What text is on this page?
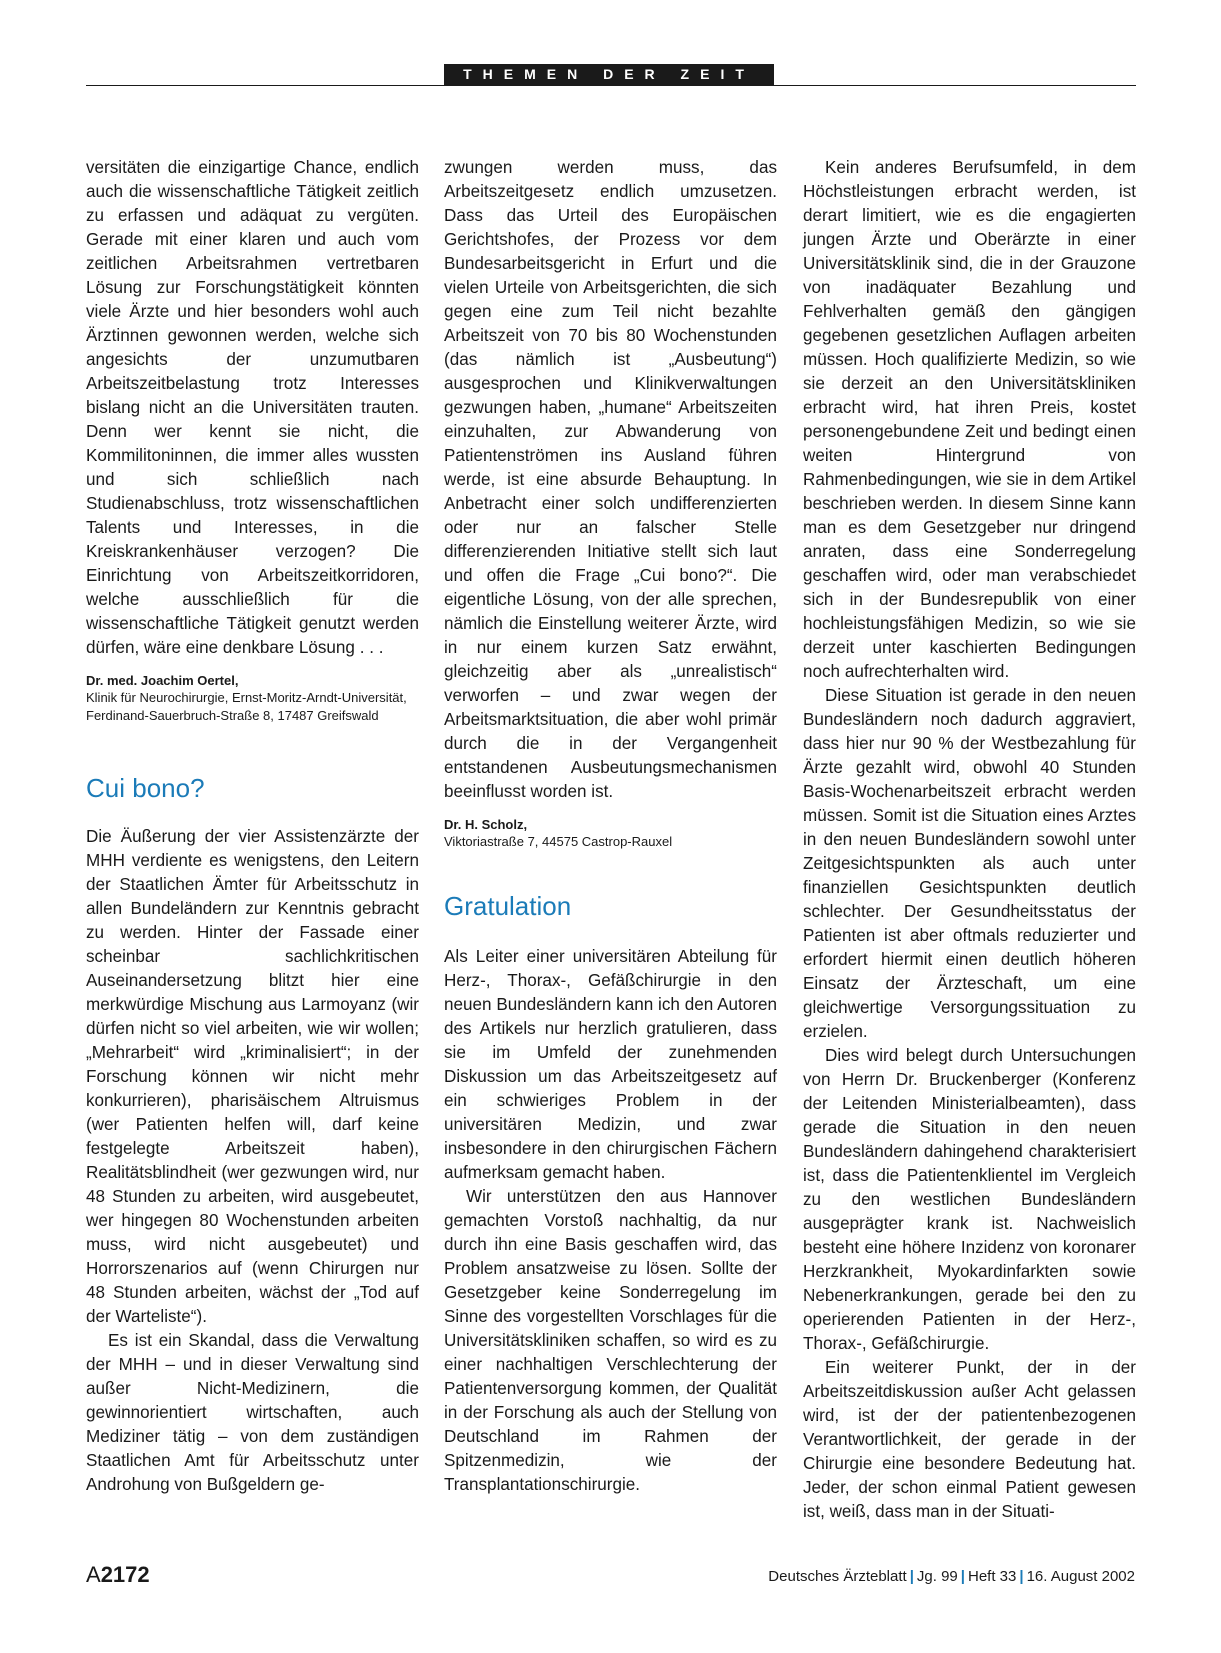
THEMEN DER ZEIT

versitäten die einzigartige Chance, endlich auch die wissenschaftliche Tätigkeit zeitlich zu erfassen und adäquat zu vergüten. Gerade mit einer klaren und auch vom zeitlichen Arbeitsrahmen vertretbaren Lösung zur Forschungstätigkeit könnten viele Ärzte und hier besonders wohl auch Ärztinnen gewonnen werden, welche sich angesichts der unzumutbaren Arbeitszeitbelastung trotz Interesses bislang nicht an die Universitäten trauten. Denn wer kennt sie nicht, die Kommilitoninnen, die immer alles wussten und sich schließlich nach Studienabschluss, trotz wissenschaftlichen Talents und Interesses, in die Kreiskrankenhäuser verzogen? Die Einrichtung von Arbeitszeitkorridoren, welche ausschließlich für die wissenschaftliche Tätigkeit genutzt werden dürfen, wäre eine denkbare Lösung . . .

Dr. med. Joachim Oertel,
Klinik für Neurochirurgie, Ernst-Moritz-Arndt-Universität,
Ferdinand-Sauerbruch-Straße 8, 17487 Greifswald
Cui bono?

Die Äußerung der vier Assistenzärzte der MHH verdiente es wenigstens, den Leitern der Staatlichen Ämter für Arbeitsschutz in allen Bundeländern zur Kenntnis gebracht zu werden. Hinter der Fassade einer scheinbar sachlichkritischen Auseinandersetzung blitzt hier eine merkwürdige Mischung aus Larmoyanz (wir dürfen nicht so viel arbeiten, wie wir wollen; „Mehrarbeit“ wird „kriminalisiert“; in der Forschung können wir nicht mehr konkurrieren), pharisäischem Altruismus (wer Patienten helfen will, darf keine festgelegte Arbeitszeit haben), Realitätsblindheit (wer gezwungen wird, nur 48 Stunden zu arbeiten, wird ausgebeutet, wer hingegen 80 Wochenstunden arbeiten muss, wird nicht ausgebeutet) und Horrorszenarios auf (wenn Chirurgen nur 48 Stunden arbeiten, wächst der „Tod auf der Warteliste“).

Es ist ein Skandal, dass die Verwaltung der MHH – und in dieser Verwaltung sind außer Nicht-Medizinern, die gewinnorientiert wirtschaften, auch Mediziner tätig – von dem zuständigen Staatlichen Amt für Arbeitsschutz unter Androhung von Bußgeldern ge-

zwungen werden muss, das Arbeitszeitgesetz endlich umzusetzen. Dass das Urteil des Europäischen Gerichtshofes, der Prozess vor dem Bundesarbeitsgericht in Erfurt und die vielen Urteile von Arbeitsgerichten, die sich gegen eine zum Teil nicht bezahlte Arbeitszeit von 70 bis 80 Wochenstunden (das nämlich ist „Ausbeutung“) ausgesprochen und Klinikverwaltungen gezwungen haben, „humane“ Arbeitszeiten einzuhalten, zur Abwanderung von Patientenströmen ins Ausland führen werde, ist eine absurde Behauptung. In Anbetracht einer solch undifferenzierten oder nur an falscher Stelle differenzierenden Initiative stellt sich laut und offen die Frage „Cui bono?“. Die eigentliche Lösung, von der alle sprechen, nämlich die Einstellung weiterer Ärzte, wird in nur einem kurzen Satz erwähnt, gleichzeitig aber als „unrealistisch“ verworfen – und zwar wegen der Arbeitsmarktsituation, die aber wohl primär durch die in der Vergangenheit entstandenen Ausbeutungsmechanismen beeinflusst worden ist.

Dr. H. Scholz,
Viktoriastraße 7, 44575 Castrop-Rauxel
Gratulation

Als Leiter einer universitären Abteilung für Herz-, Thorax-, Gefäßchirurgie in den neuen Bundesländern kann ich den Autoren des Artikels nur herzlich gratulieren, dass sie im Umfeld der zunehmenden Diskussion um das Arbeitszeitgesetz auf ein schwieriges Problem in der universitären Medizin, und zwar insbesondere in den chirurgischen Fächern aufmerksam gemacht haben.

Wir unterstützen den aus Hannover gemachten Vorstoß nachhaltig, da nur durch ihn eine Basis geschaffen wird, das Problem ansatzweise zu lösen. Sollte der Gesetzgeber keine Sonderregelung im Sinne des vorgestellten Vorschlages für die Universitätskliniken schaffen, so wird es zu einer nachhaltigen Verschlechterung der Patientenversorgung kommen, der Qualität in der Forschung als auch der Stellung von Deutschland im Rahmen der Spitzenmedizin, wie der Transplantationschirurgie.

Kein anderes Berufsumfeld, in dem Höchstleistungen erbracht werden, ist derart limitiert, wie es die engagierten jungen Ärzte und Oberärzte in einer Universitätsklinik sind, die in der Grauzone von inadäquater Bezahlung und Fehlverhalten gemäß den gängigen gegebenen gesetzlichen Auflagen arbeiten müssen. Hoch qualifizierte Medizin, so wie sie derzeit an den Universitätskliniken erbracht wird, hat ihren Preis, kostet personengebundene Zeit und bedingt einen weiten Hintergrund von Rahmenbedingungen, wie sie in dem Artikel beschrieben werden. In diesem Sinne kann man es dem Gesetzgeber nur dringend anraten, dass eine Sonderregelung geschaffen wird, oder man verabschiedet sich in der Bundesrepublik von einer hochleistungsfähigen Medizin, so wie sie derzeit unter kaschierten Bedingungen noch aufrechterhalten wird.

Diese Situation ist gerade in den neuen Bundesländern noch dadurch aggraviert, dass hier nur 90 % der Westbezahlung für Ärzte gezahlt wird, obwohl 40 Stunden Basis-Wochenarbeitszeit erbracht werden müssen. Somit ist die Situation eines Arztes in den neuen Bundesländern sowohl unter Zeitgesichtspunkten als auch unter finanziellen Gesichtspunkten deutlich schlechter. Der Gesundheitsstatus der Patienten ist aber oftmals reduzierter und erfordert hiermit einen deutlich höheren Einsatz der Ärzteschaft, um eine gleichwertige Versorgungssituation zu erzielen.

Dies wird belegt durch Untersuchungen von Herrn Dr. Bruckenberger (Konferenz der Leitenden Ministerialbeamten), dass gerade die Situation in den neuen Bundesländern dahingehend charakterisiert ist, dass die Patientenklientel im Vergleich zu den westlichen Bundesländern ausgeprägter krank ist. Nachweislich besteht eine höhere Inzidenz von koronarer Herzkrankheit, Myokardinfarkten sowie Nebenerkrankungen, gerade bei den zu operierenden Patienten in der Herz-, Thorax-, Gefäßchirurgie.

Ein weiterer Punkt, der in der Arbeitszeitdiskussion außer Acht gelassen wird, ist der der patientenbezogenen Verantwortlichkeit, der gerade in der Chirurgie eine besondere Bedeutung hat. Jeder, der schon einmal Patient gewesen ist, weiß, dass man in der Situati-

A2172	Deutsches Ärzteblatt | Jg. 99 | Heft 33 | 16. August 2002
